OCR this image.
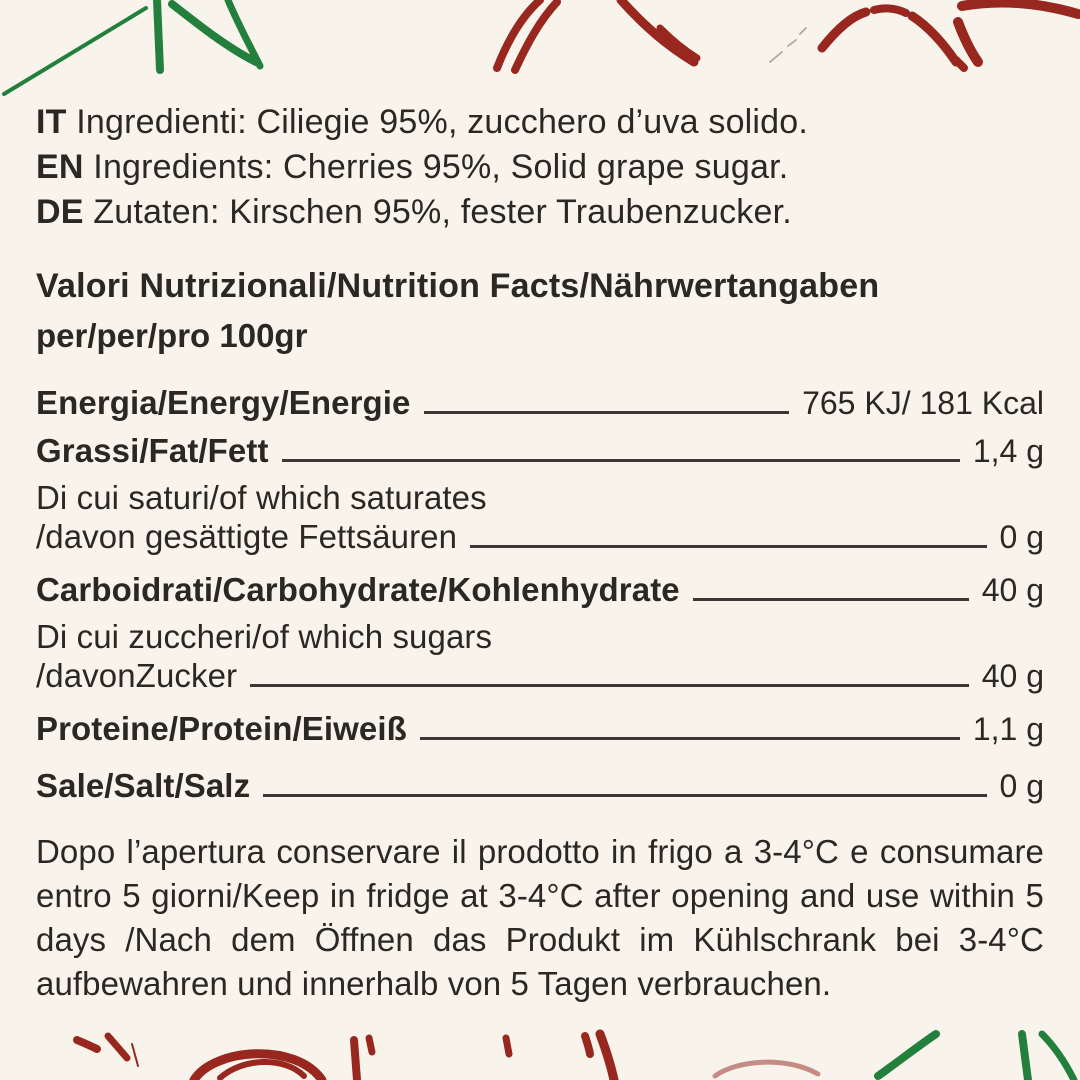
IT Ingredienti: Ciliegie 95%, zucchero d’uva solido.

EN Ingredients: Cherries 95%, Solid grape sugar.

DE Zutaten: Kirschen 95%, fester Traubenzucker.

Valori Nutrizionali/Nutrition Facts/Nährwertangaben
per/per/pro 100gr
Energia/Energy/Energie	765 KJ/ 181 Kcal
Grassi/Fat/Fett	1,4 g
Di cui saturi/of which saturates
/davon gesättigte Fettsäuren	0 g
Carboidrati/Carbohydrate/Kohlenhydrate	40 g
Di cui zuccheri/of which sugars
/davonZucker	40 g
Proteine/Protein/Eiweiß	1,1 g
Sale/Salt/Salz	0 g

Dopo l’apertura conservare il prodotto in frigo a 3-4°C e consumare entro 5 giorni/Keep in fridge at 3-4°C after opening and use within 5 days /Nach dem Öffnen das Produkt im Kühlschrank bei 3-4°C aufbewahren und innerhalb von 5 Tagen verbrauchen.
